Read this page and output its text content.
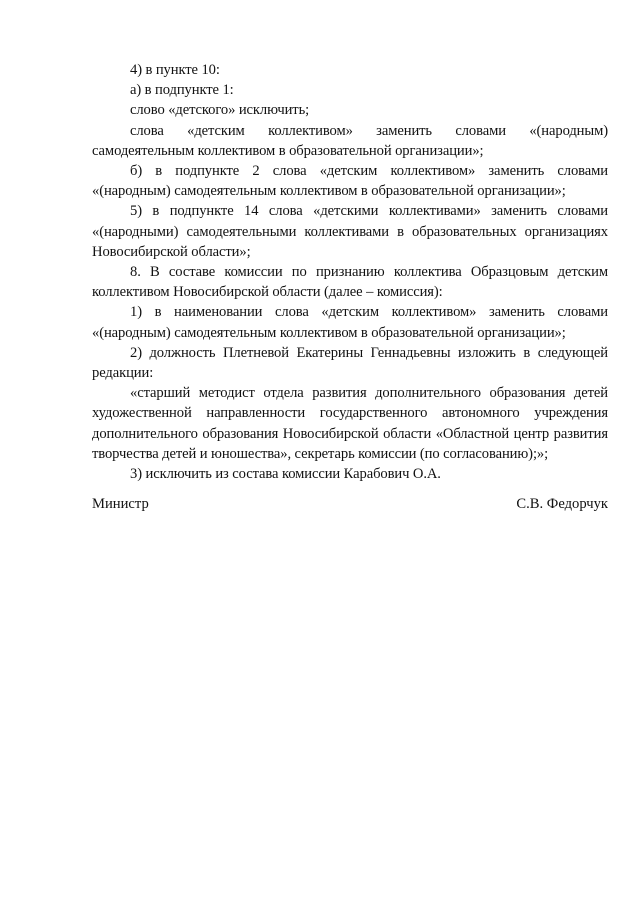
4) в пункте 10:

а) в подпункте 1:

слово «детского» исключить;

слова «детским коллективом» заменить словами «(народным) самодеятельным коллективом в образовательной организации»;

б) в подпункте 2 слова «детским коллективом» заменить словами «(народным) самодеятельным коллективом в образовательной организации»;

5) в подпункте 14 слова «детскими коллективами» заменить словами «(народными) самодеятельными коллективами в образовательных организациях Новосибирской области»;

8. В составе комиссии по признанию коллектива Образцовым детским коллективом Новосибирской области (далее – комиссия):

1) в наименовании слова «детским коллективом» заменить словами «(народным) самодеятельным коллективом в образовательной организации»;

2) должность Плетневой Екатерины Геннадьевны изложить в следующей редакции:

«старший методист отдела развития дополнительного образования детей художественной направленности государственного автономного учреждения дополнительного образования Новосибирской области «Областной центр развития творчества детей и юношества», секретарь комиссии (по согласованию);»;

3) исключить из состава комиссии Карабович О.А.

Министр	С.В. Федорчук
